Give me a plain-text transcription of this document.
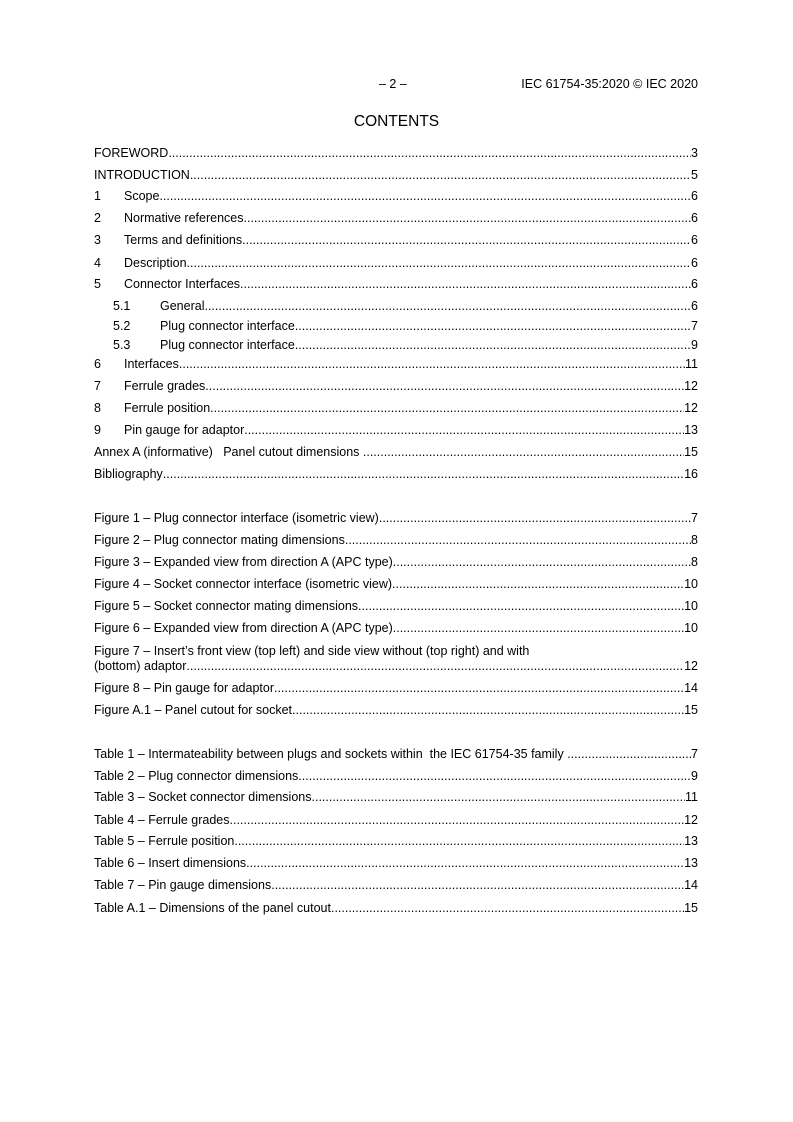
– 2 –	IEC 61754-35:2020 © IEC 2020
CONTENTS
FOREWORD .....	3
INTRODUCTION .....	5
1	Scope .....	6
2	Normative references .....	6
3	Terms and definitions .....	6
4	Description .....	6
5	Connector Interfaces .....	6
5.1	General .....	6
5.2	Plug connector interface .....	7
5.3	Plug connector interface .....	9
6	Interfaces .....	11
7	Ferrule grades .....	12
8	Ferrule position .....	12
9	Pin gauge for adaptor .....	13
Annex A (informative)   Panel cutout dimensions .....	15
Bibliography .....	16
Figure 1 – Plug connector interface (isometric view) .....	7
Figure 2 – Plug connector mating dimensions .....	8
Figure 3 – Expanded view from direction A (APC type) .....	8
Figure 4 – Socket connector interface (isometric view) .....	10
Figure 5 – Socket connector mating dimensions .....	10
Figure 6 – Expanded view from direction A (APC type) .....	10
Figure 7 – Insert’s front view (top left) and side view without (top right) and with
(bottom) adaptor .....	12
Figure 8 – Pin gauge for adaptor .....	14
Figure A.1 – Panel cutout for socket .....	15
Table 1 – Intermateability between plugs and sockets within  the IEC 61754-35 family .....	7
Table 2 – Plug connector dimensions .....	9
Table 3 – Socket connector dimensions .....	11
Table 4 – Ferrule grades .....	12
Table 5 – Ferrule position .....	13
Table 6 – Insert dimensions .....	13
Table 7 – Pin gauge dimensions .....	14
Table A.1 – Dimensions of the panel cutout .....	15
